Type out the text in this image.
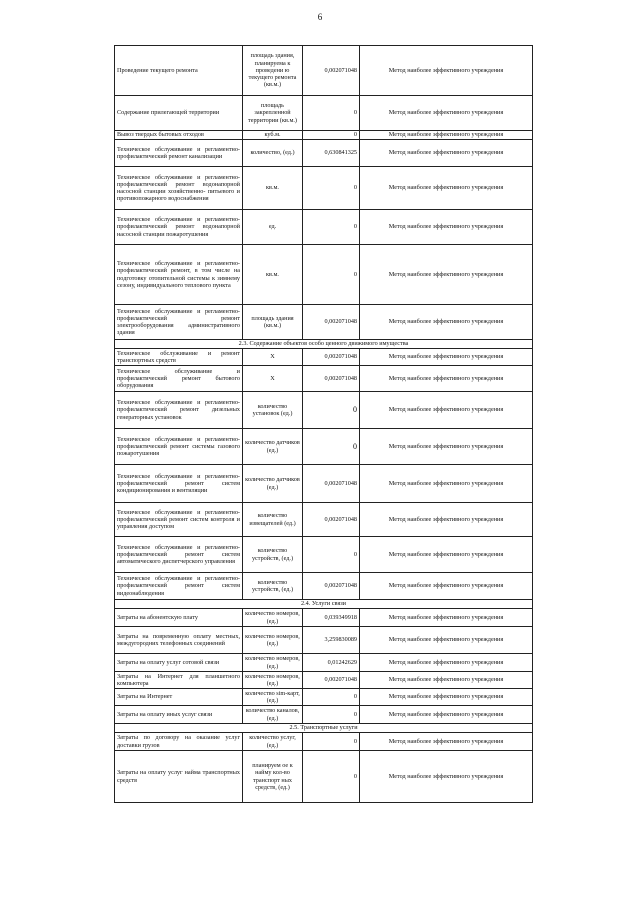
6
Проведение текущего ремонта	площадь здания, планируема к проведени ю текущего ремонта (кв.м.)	0,002071048	Метод наиболее эффективного учреждения
Содержание прилегающей территории	площадь закрепленной территории (кв.м.)	0	Метод наиболее эффективного учреждения
Вывоз твердых бытовых отходов	куб.м.	0	Метод наиболее эффективного учреждения
Техническое обслуживание и регламентно- профилактический ремонт канализации	количество, (ед.)	0,630841325	Метод наиболее эффективного учреждения
Техническое обслуживание и регламентно-профилактический ремонт водонапорной насосной станции хозяйственно- питьевого и противопожарного водоснабжения	кв.м.	0	Метод наиболее эффективного учреждения
Техническое обслуживание и регламентно- профилактический ремонт водонапорной насосной станции пожаротушения	ед.	0	Метод наиболее эффективного учреждения
Техническое обслуживание и регламентно- профилактический ремонт, в том числе на подготовку отопительной системы к зимнему сезону, индивидуального теплового пункта	кв.м.	0	Метод наиболее эффективного учреждения
Техническое обслуживание и регламентно-профилактический ремонт электрооборудования административного здания	площадь здания (кв.м.)	0,002071048	Метод наиболее эффективного учреждения
2.3. Содержание объектов особо ценного движимого имущества			
Техническое обслуживание и ремонт транспортных средств	Х	0,002071048	Метод наиболее эффективного учреждения
Техническое обслуживание и профилактический ремонт бытового оборудования	Х	0,002071048	Метод наиболее эффективного учреждения
Техническое обслуживание и регламентно-профилактический ремонт дизельных генераторных установок	количество установок (ед.)	0	Метод наиболее эффективного учреждения
Техническое обслуживание и регламентно-профилактический ремонт системы газового пожаротушения	количество датчиков (ед.)	0	Метод наиболее эффективного учреждения
Техническое обслуживание и регламентно-профилактический ремонт систем кондиционирования и вентиляции	количество датчиков (ед.)	0,002071048	Метод наиболее эффективного учреждения
Техническое обслуживание и регламентно- профилактический ремонт систем контроля и управления доступом	количество извещателей (ед.)	0,002071048	Метод наиболее эффективного учреждения
Техническое обслуживание и регламентно- профилактический ремонт систем автоматического диспетчерского управления	количество устройств, (ед.)	0	Метод наиболее эффективного учреждения
Техническое обслуживание и регламентно- профилактический ремонт систем видеонаблюдения	количество устройств, (ед.)	0,002071048	Метод наиболее эффективного учреждения
2.4. Услуги связи			
Затраты на абонентскую плату	количество номеров, (ед.)	0,039349918	Метод наиболее эффективного учреждения
Затраты на повременную оплату местных, междугородних телефонных соединений	количество номеров, (ед.)	3,259830089	Метод наиболее эффективного учреждения
Затраты на оплату услуг сотовой связи	количество номеров, (ед.)	0,01242629	Метод наиболее эффективного учреждения
Затраты на Интернет для планшетного компьютера	количество номеров, (ед.)	0,002071048	Метод наиболее эффективного учреждения
Затраты на Интернет	количество sim-карт, (ед.)	0	Метод наиболее эффективного учреждения
Затраты на оплату иных услуг связи	количество каналов, (ед.)	0	Метод наиболее эффективного учреждения
2.5. Транспортные услуги			
Затраты по договору на оказание услуг доставки грузов	количество услуг, (ед.)	0	Метод наиболее эффективного учреждения
Затраты на оплату услуг найма транспортных средств	планируем ое к найму кол-во транспорт ных средств, (ед.)	0	Метод наиболее эффективного учреждения
